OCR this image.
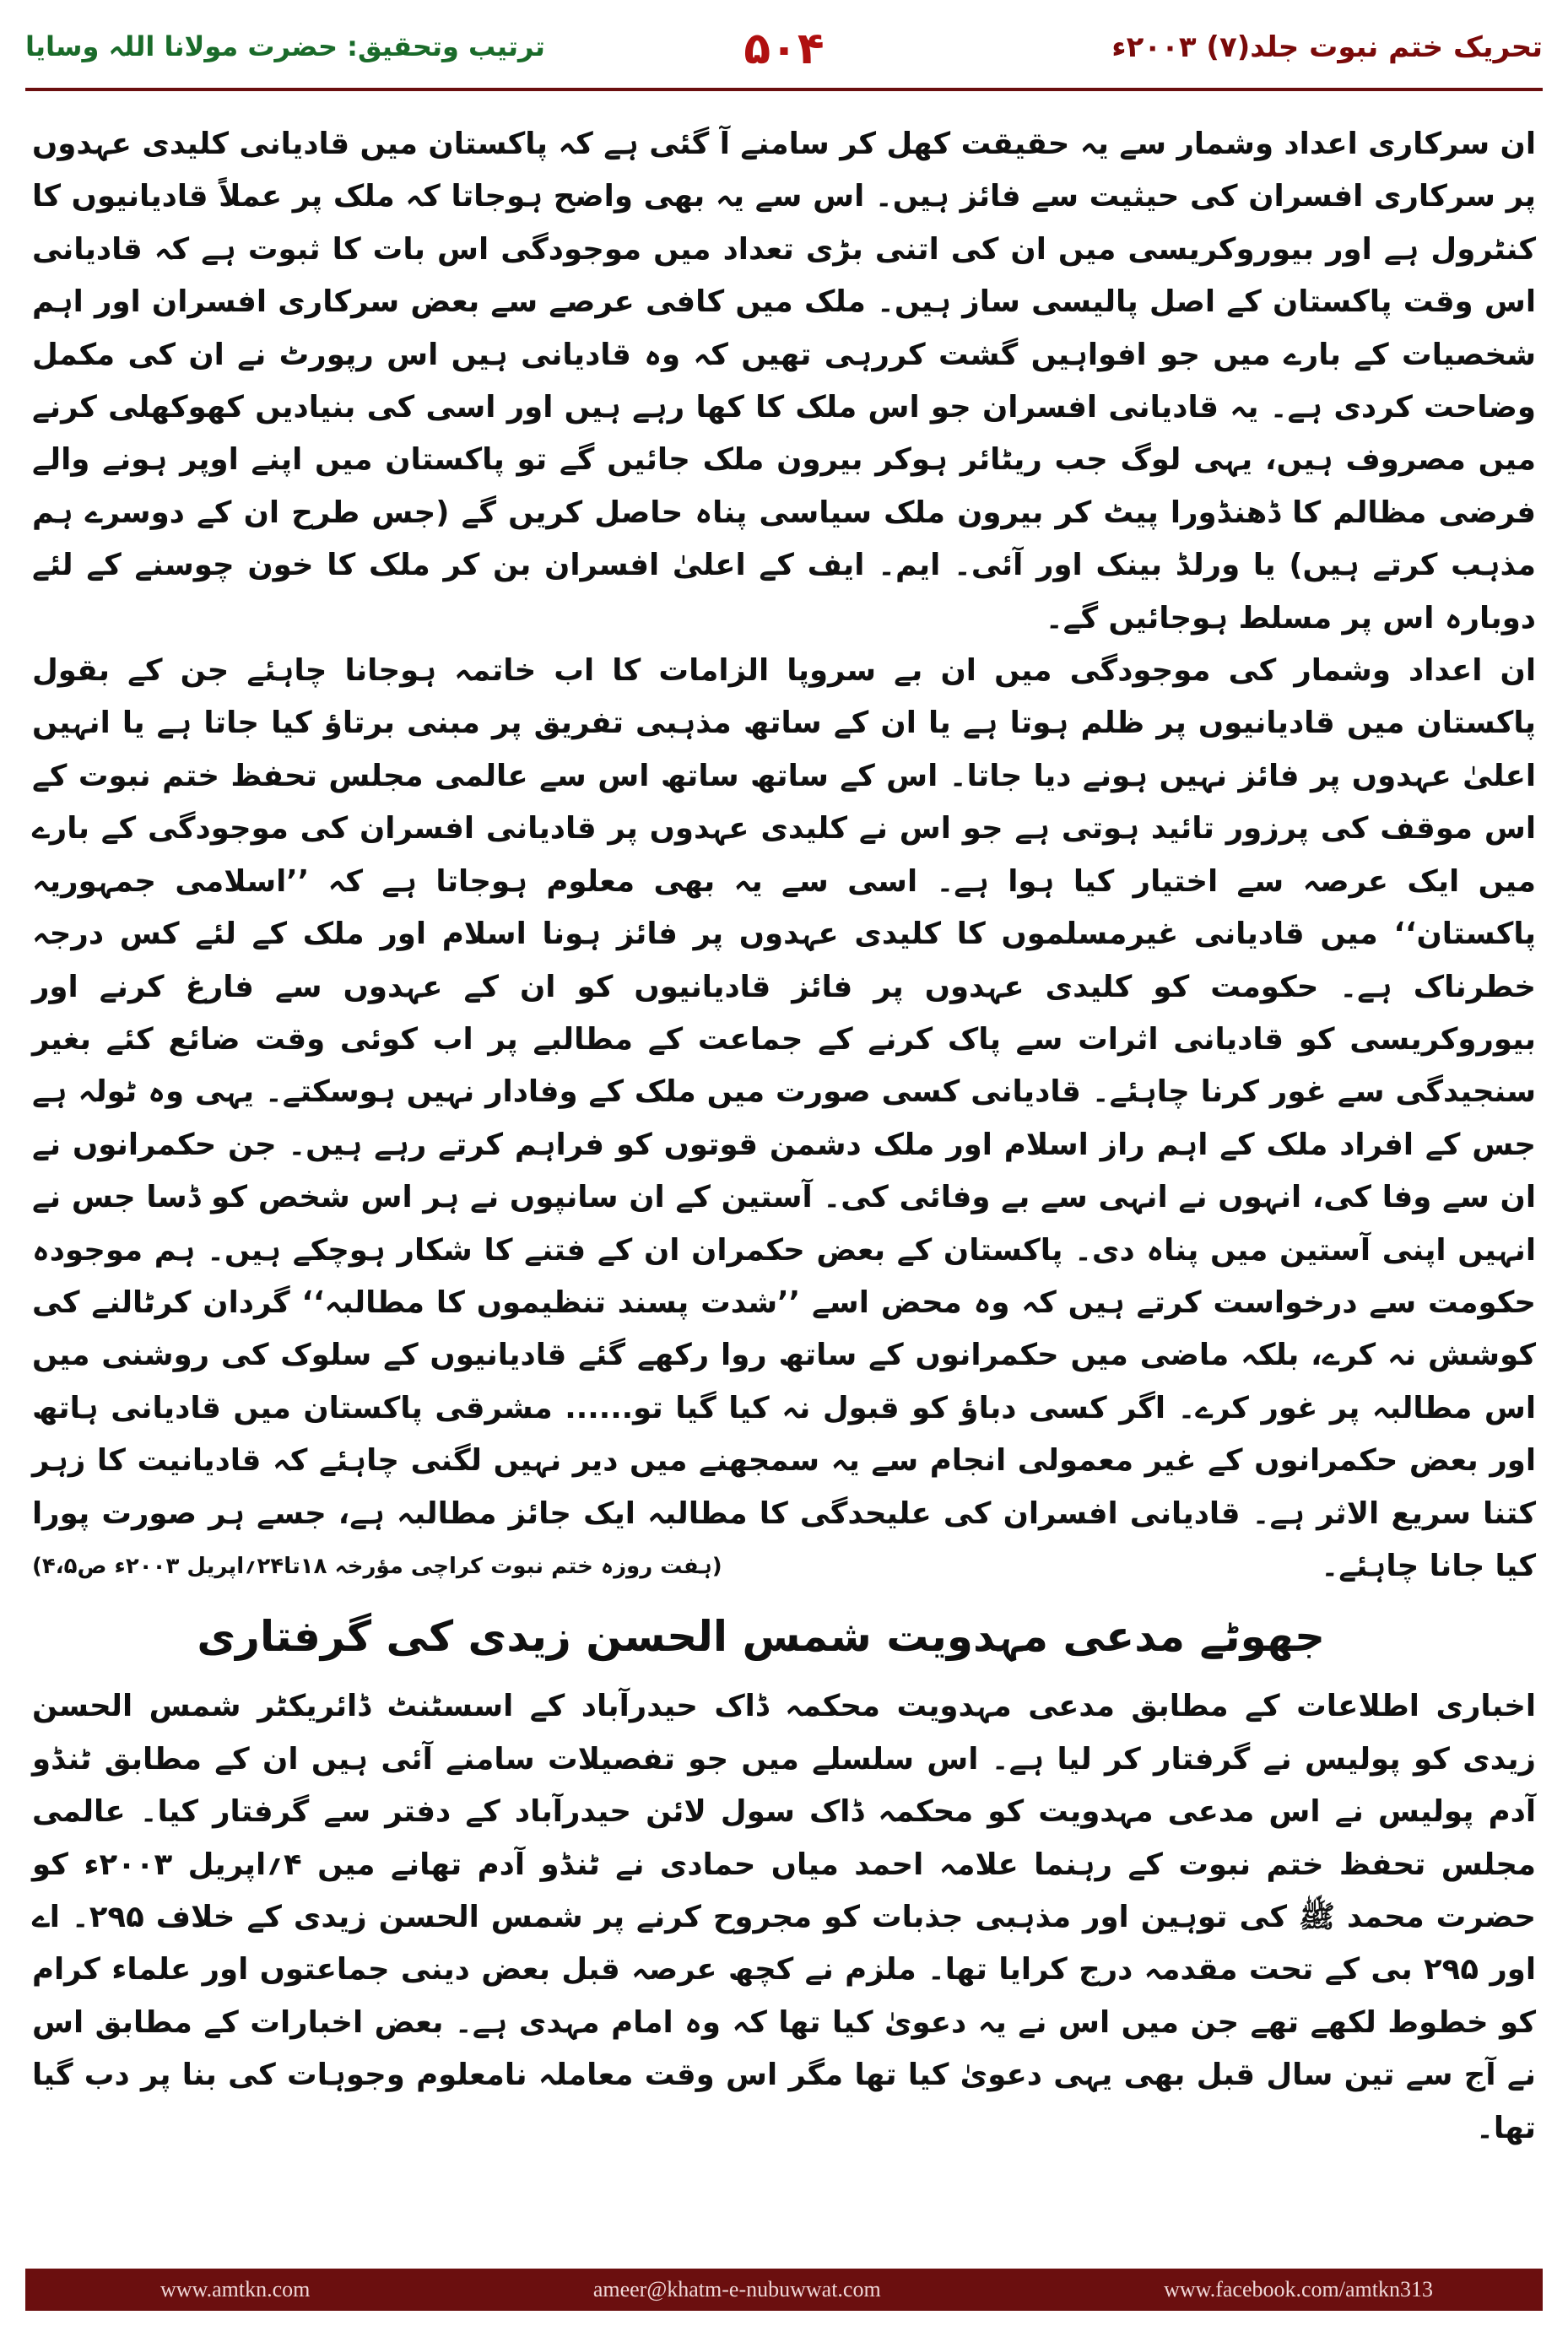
تحریک ختم نبوت جلد(۷) ۲۰۰۳ء
۵۰۴
ترتیب وتحقیق: حضرت مولانا اللہ وسایا

ان سرکاری اعداد وشمار سے یہ حقیقت کھل کر سامنے آ گئی ہے کہ پاکستان میں قادیانی کلیدی عہدوں پر سرکاری افسران کی حیثیت سے فائز ہیں۔ اس سے یہ بھی واضح ہوجاتا کہ ملک پر عملاً قادیانیوں کا کنٹرول ہے اور بیوروکریسی میں ان کی اتنی بڑی تعداد میں موجودگی اس بات کا ثبوت ہے کہ قادیانی اس وقت پاکستان کے اصل پالیسی ساز ہیں۔ ملک میں کافی عرصے سے بعض سرکاری افسران اور اہم شخصیات کے بارے میں جو افواہیں گشت کررہی تھیں کہ وہ قادیانی ہیں اس رپورٹ نے ان کی مکمل وضاحت کردی ہے۔ یہ قادیانی افسران جو اس ملک کا کھا رہے ہیں اور اسی کی بنیادیں کھوکھلی کرنے میں مصروف ہیں، یہی لوگ جب ریٹائر ہوکر بیرون ملک جائیں گے تو پاکستان میں اپنے اوپر ہونے والے فرضی مظالم کا ڈھنڈورا پیٹ کر بیرون ملک سیاسی پناہ حاصل کریں گے (جس طرح ان کے دوسرے ہم مذہب کرتے ہیں) یا ورلڈ بینک اور آئی۔ ایم۔ ایف کے اعلیٰ افسران بن کر ملک کا خون چوسنے کے لئے دوبارہ اس پر مسلط ہوجائیں گے۔

ان اعداد وشمار کی موجودگی میں ان بے سروپا الزامات کا اب خاتمہ ہوجانا چاہئے جن کے بقول پاکستان میں قادیانیوں پر ظلم ہوتا ہے یا ان کے ساتھ مذہبی تفریق پر مبنی برتاؤ کیا جاتا ہے یا انہیں اعلیٰ عہدوں پر فائز نہیں ہونے دیا جاتا۔ اس کے ساتھ ساتھ اس سے عالمی مجلس تحفظ ختم نبوت کے اس موقف کی پرزور تائید ہوتی ہے جو اس نے کلیدی عہدوں پر قادیانی افسران کی موجودگی کے بارے میں ایک عرصہ سے اختیار کیا ہوا ہے۔ اسی سے یہ بھی معلوم ہوجاتا ہے کہ ’’اسلامی جمہوریہ پاکستان‘‘ میں قادیانی غیرمسلموں کا کلیدی عہدوں پر فائز ہونا اسلام اور ملک کے لئے کس درجہ خطرناک ہے۔ حکومت کو کلیدی عہدوں پر فائز قادیانیوں کو ان کے عہدوں سے فارغ کرنے اور بیوروکریسی کو قادیانی اثرات سے پاک کرنے کے جماعت کے مطالبے پر اب کوئی وقت ضائع کئے بغیر سنجیدگی سے غور کرنا چاہئے۔ قادیانی کسی صورت میں ملک کے وفادار نہیں ہوسکتے۔ یہی وہ ٹولہ ہے جس کے افراد ملک کے اہم راز اسلام اور ملک دشمن قوتوں کو فراہم کرتے رہے ہیں۔ جن حکمرانوں نے ان سے وفا کی، انہوں نے انہی سے بے وفائی کی۔ آستین کے ان سانپوں نے ہر اس شخص کو ڈسا جس نے انہیں اپنی آستین میں پناہ دی۔ پاکستان کے بعض حکمران ان کے فتنے کا شکار ہوچکے ہیں۔ ہم موجودہ حکومت سے درخواست کرتے ہیں کہ وہ محض اسے ’’شدت پسند تنظیموں کا مطالبہ‘‘ گردان کرٹالنے کی کوشش نہ کرے، بلکہ ماضی میں حکمرانوں کے ساتھ روا رکھے گئے قادیانیوں کے سلوک کی روشنی میں اس مطالبہ پر غور کرے۔ اگر کسی دباؤ کو قبول نہ کیا گیا تو...... مشرقی پاکستان میں قادیانی ہاتھ اور بعض حکمرانوں کے غیر معمولی انجام سے یہ سمجھنے میں دیر نہیں لگنی چاہئے کہ قادیانیت کا زہر کتنا سریع الاثر ہے۔ قادیانی افسران کی علیحدگی کا مطالبہ ایک جائز مطالبہ ہے، جسے ہر صورت پورا کیا جانا چاہئے۔

(ہفت روزہ ختم نبوت کراچی مؤرخہ ۱۸تا۲۴؍اپریل ۲۰۰۳ء ص۴،۵)
جھوٹے مدعی مہدویت شمس الحسن زیدی کی گرفتاری

اخباری اطلاعات کے مطابق مدعی مہدویت محکمہ ڈاک حیدرآباد کے اسسٹنٹ ڈائریکٹر شمس الحسن زیدی کو پولیس نے گرفتار کر لیا ہے۔ اس سلسلے میں جو تفصیلات سامنے آئی ہیں ان کے مطابق ٹنڈو آدم پولیس نے اس مدعی مہدویت کو محکمہ ڈاک سول لائن حیدرآباد کے دفتر سے گرفتار کیا۔ عالمی مجلس تحفظ ختم نبوت کے رہنما علامہ احمد میاں حمادی نے ٹنڈو آدم تھانے میں ۴؍اپریل ۲۰۰۳ء کو حضرت محمد ﷺ کی توہین اور مذہبی جذبات کو مجروح کرنے پر شمس الحسن زیدی کے خلاف ۲۹۵۔ اے اور ۲۹۵ بی کے تحت مقدمہ درج کرایا تھا۔ ملزم نے کچھ عرصہ قبل بعض دینی جماعتوں اور علماء کرام کو خطوط لکھے تھے جن میں اس نے یہ دعویٰ کیا تھا کہ وہ امام مہدی ہے۔ بعض اخبارات کے مطابق اس نے آج سے تین سال قبل بھی یہی دعویٰ کیا تھا مگر اس وقت معاملہ نامعلوم وجوہات کی بنا پر دب گیا تھا۔

www.amtkn.com	ameer@khatm-e-nubuwwat.com	www.facebook.com/amtkn313
